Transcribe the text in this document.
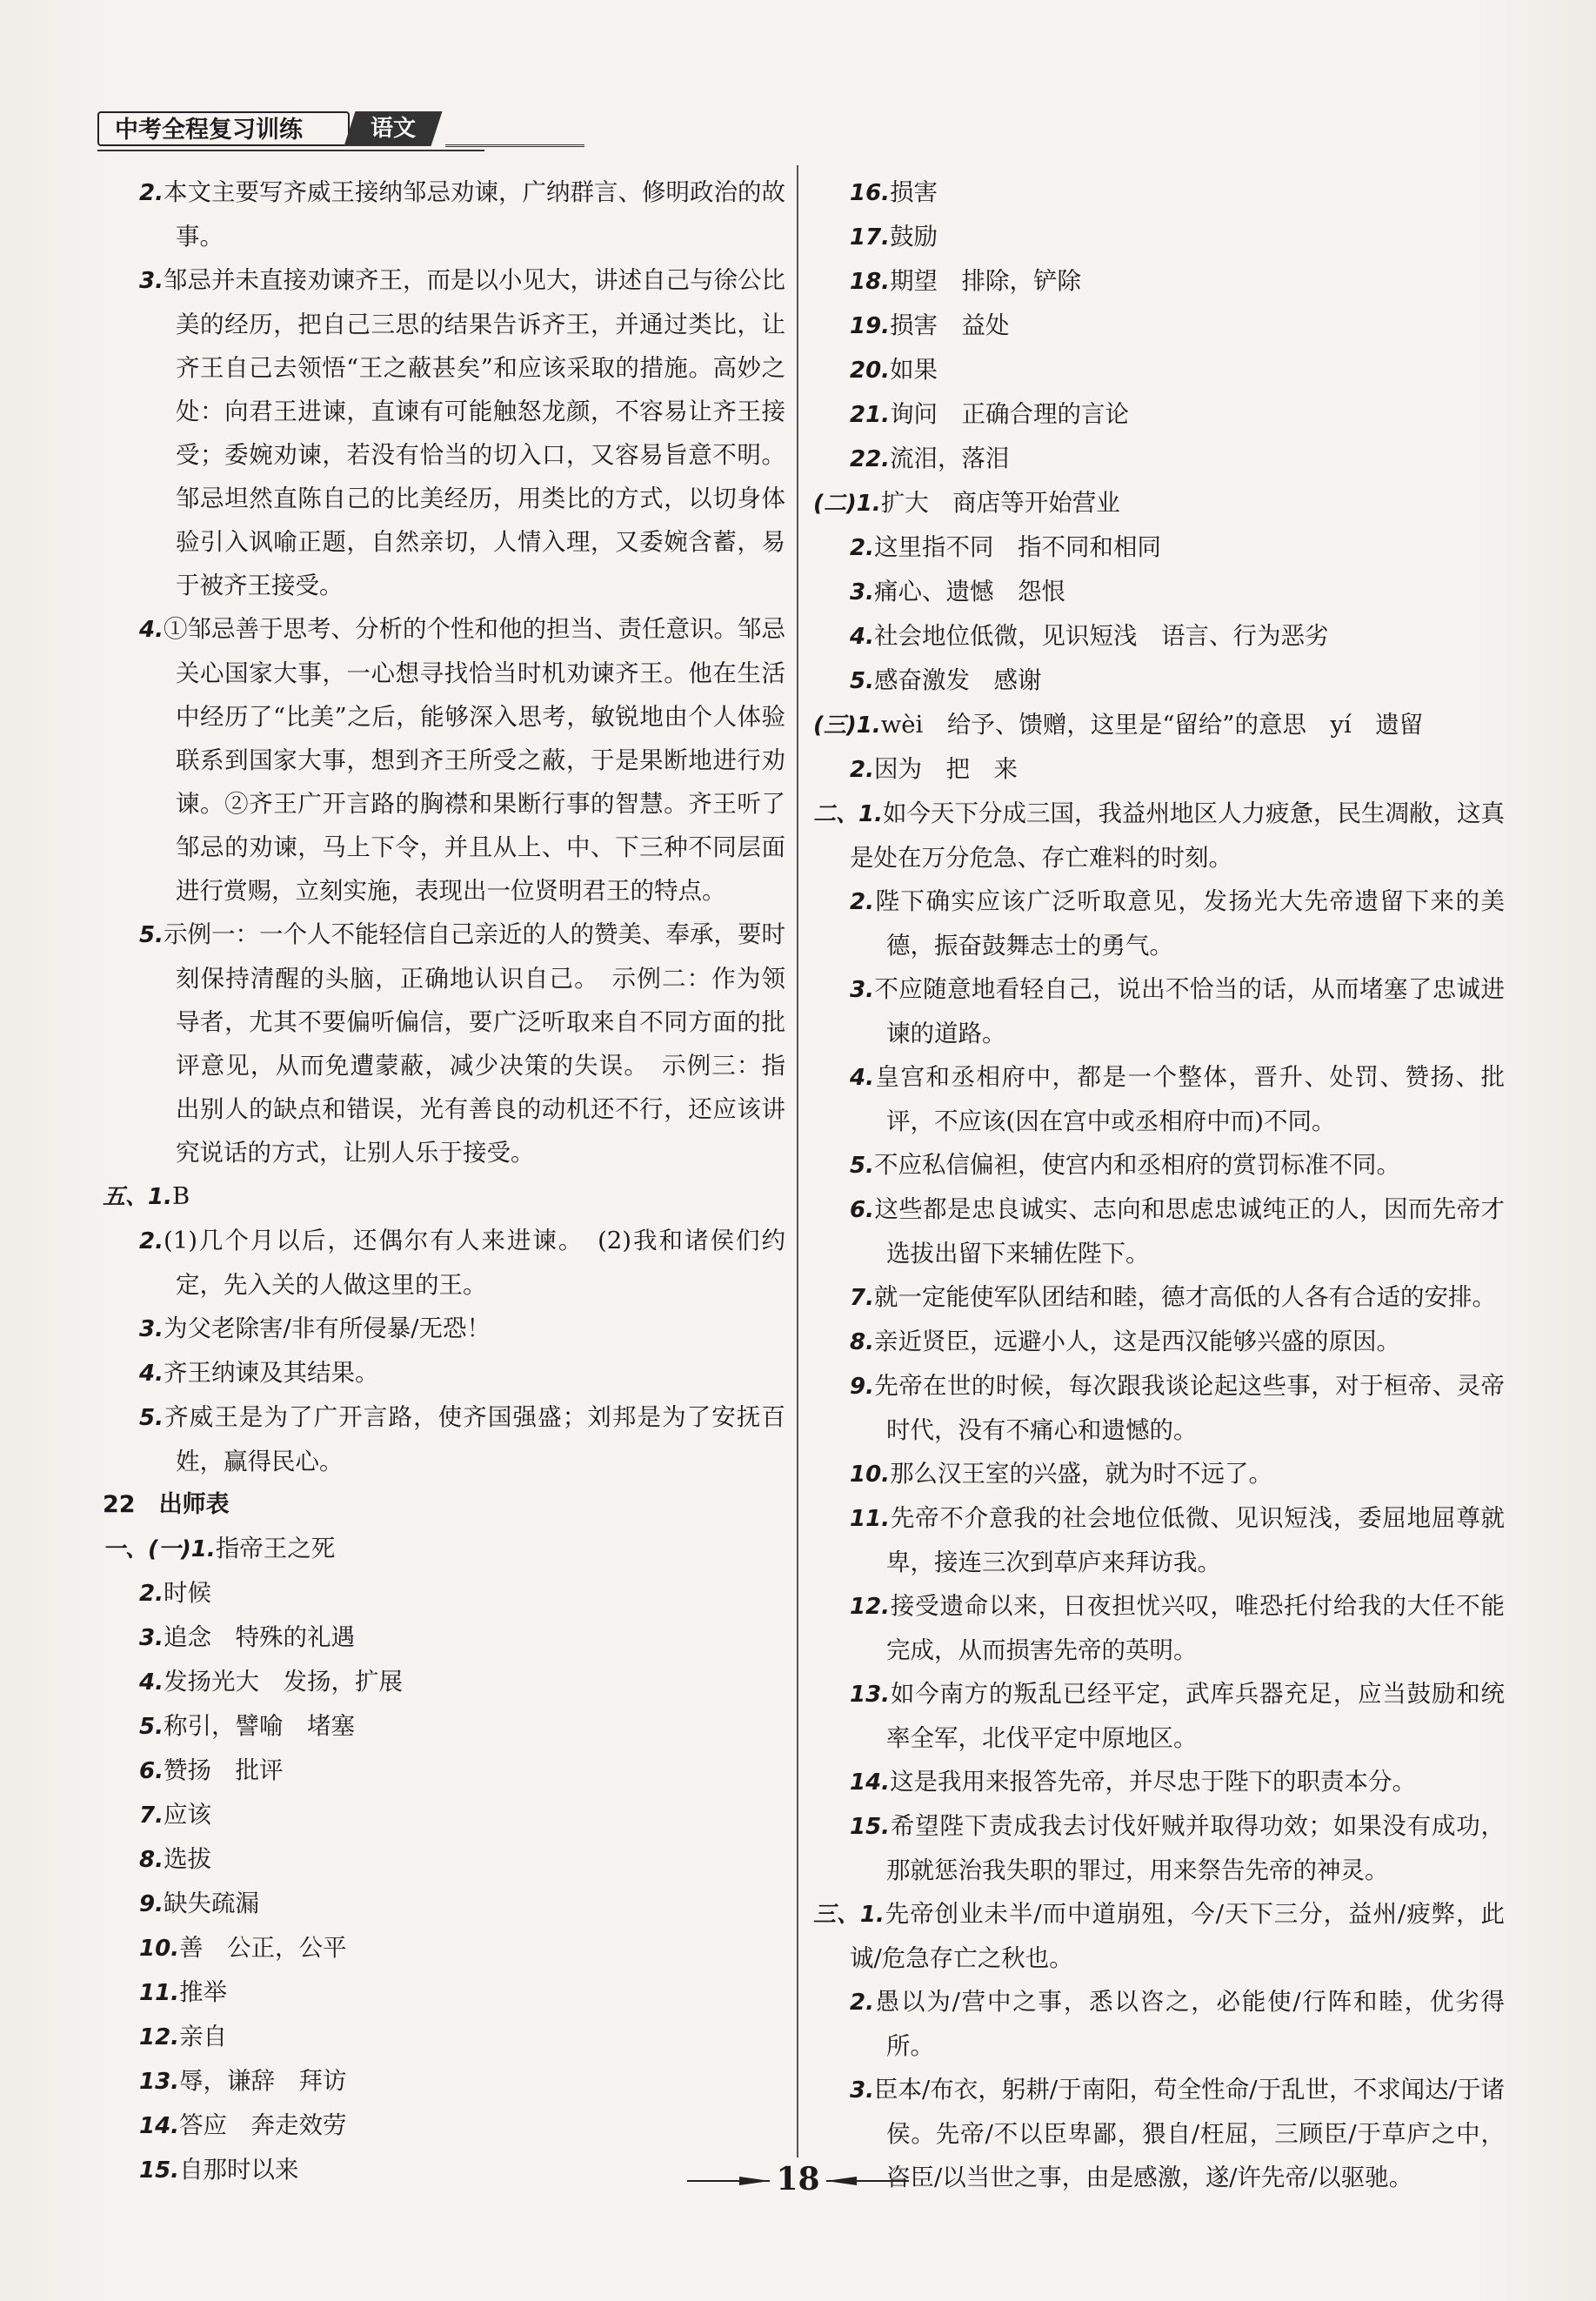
中考全程复习训练	语文
2.本文主要写齐威王接纳邹忌劝谏，广纳群言、修明政治的故事。
3.邹忌并未直接劝谏齐王，而是以小见大，讲述自己与徐公比美的经历，把自己三思的结果告诉齐王，并通过类比，让齐王自己去领悟“王之蔽甚矣”和应该采取的措施。高妙之处：向君王进谏，直谏有可能触怒龙颜，不容易让齐王接受；委婉劝谏，若没有恰当的切入口，又容易旨意不明。邹忌坦然直陈自己的比美经历，用类比的方式，以切身体验引入讽喻正题，自然亲切，人情入理，又委婉含蓄，易于被齐王接受。
4.①邹忌善于思考、分析的个性和他的担当、责任意识。邹忌关心国家大事，一心想寻找恰当时机劝谏齐王。他在生活中经历了“比美”之后，能够深入思考，敏锐地由个人体验联系到国家大事，想到齐王所受之蔽，于是果断地进行劝谏。②齐王广开言路的胸襟和果断行事的智慧。齐王听了邹忌的劝谏，马上下令，并且从上、中、下三种不同层面进行赏赐，立刻实施，表现出一位贤明君王的特点。
5.示例一：一个人不能轻信自己亲近的人的赞美、奉承，要时刻保持清醒的头脑，正确地认识自己。　示例二：作为领导者，尤其不要偏听偏信，要广泛听取来自不同方面的批评意见，从而免遭蒙蔽，减少决策的失误。　示例三：指出别人的缺点和错误，光有善良的动机还不行，还应该讲究说话的方式，让别人乐于接受。
五、1.B
2.(1)几个月以后，还偶尔有人来进谏。　(2)我和诸侯们约定，先入关的人做这里的王。
3.为父老除害/非有所侵暴/无恐！
4.齐王纳谏及其结果。
5.齐威王是为了广开言路，使齐国强盛；刘邦是为了安抚百姓，赢得民心。
22　出师表
一、(一)1.指帝王之死
2.时候
3.追念　特殊的礼遇
4.发扬光大　发扬，扩展
5.称引，譬喻　堵塞
6.赞扬　批评
7.应该
8.选拔
9.缺失疏漏
10.善　公正，公平
11.推举
12.亲自
13.辱，谦辞　拜访
14.答应　奔走效劳
15.自那时以来
16.损害
17.鼓励
18.期望　排除，铲除
19.损害　益处
20.如果
21.询问　正确合理的言论
22.流泪，落泪
(二)1.扩大　商店等开始营业
2.这里指不同　指不同和相同
3.痛心、遗憾　怨恨
4.社会地位低微，见识短浅　语言、行为恶劣
5.感奋激发　感谢
(三)1.wèi　给予、馈赠，这里是“留给”的意思　yí　遗留
2.因为　把　来
二、1.如今天下分成三国，我益州地区人力疲惫，民生凋敝，这真是处在万分危急、存亡难料的时刻。
2.陛下确实应该广泛听取意见，发扬光大先帝遗留下来的美德，振奋鼓舞志士的勇气。
3.不应随意地看轻自己，说出不恰当的话，从而堵塞了忠诚进谏的道路。
4.皇宫和丞相府中，都是一个整体，晋升、处罚、赞扬、批评，不应该(因在宫中或丞相府中而)不同。
5.不应私信偏袒，使宫内和丞相府的赏罚标准不同。
6.这些都是忠良诚实、志向和思虑忠诚纯正的人，因而先帝才选拔出留下来辅佐陛下。
7.就一定能使军队团结和睦，德才高低的人各有合适的安排。
8.亲近贤臣，远避小人，这是西汉能够兴盛的原因。
9.先帝在世的时候，每次跟我谈论起这些事，对于桓帝、灵帝时代，没有不痛心和遗憾的。
10.那么汉王室的兴盛，就为时不远了。
11.先帝不介意我的社会地位低微、见识短浅，委屈地屈尊就卑，接连三次到草庐来拜访我。
12.接受遗命以来，日夜担忧兴叹，唯恐托付给我的大任不能完成，从而损害先帝的英明。
13.如今南方的叛乱已经平定，武库兵器充足，应当鼓励和统率全军，北伐平定中原地区。
14.这是我用来报答先帝，并尽忠于陛下的职责本分。
15.希望陛下责成我去讨伐奸贼并取得功效；如果没有成功，那就惩治我失职的罪过，用来祭告先帝的神灵。
三、1.先帝创业未半/而中道崩殂，今/天下三分，益州/疲弊，此诚/危急存亡之秋也。
2.愚以为/营中之事，悉以咨之，必能使/行阵和睦，优劣得所。
3.臣本/布衣，躬耕/于南阳，苟全性命/于乱世，不求闻达/于诸侯。先帝/不以臣卑鄙，猥自/枉屈，三顾臣/于草庐之中，咨臣/以当世之事，由是感激，遂/许先帝/以驱驰。
18
